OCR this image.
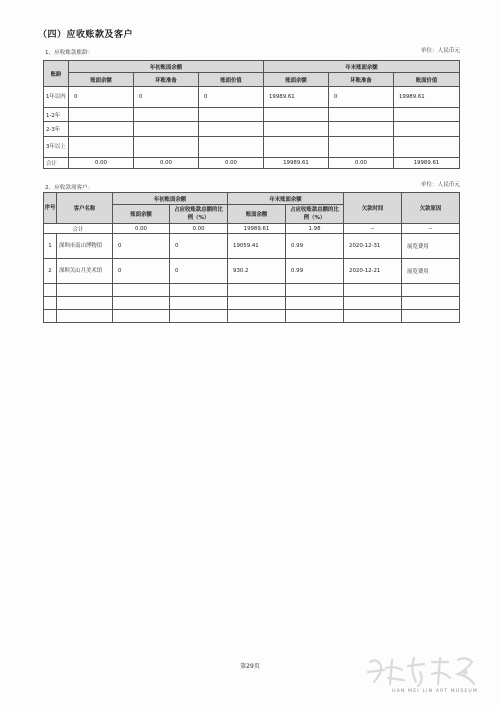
（四）应收账款及客户
1、应收账款账龄：	单位：人民币元
账龄	年初账面余额			年末账面余额		
	账面余额	坏账准备	账面价值	账面余额	坏账准备	账面价值
1年以内	0	0	0	19989.61	0	19989.61
1-2年						
2-3年						
3年以上						
合计	0.00	0.00	0.00	19989.61	0.00	19989.61
2、应收款项客户：	单位：人民币元
序号	客户名称	年初账面余额		年末账面余额		欠款时间	欠款原因
		账面余额	占应收账款总额的比例（%）	账面余额	占应收账款总额的比例（%）		
合计		0.00	0.00	19989.61	1.98	--	--
1	深圳市南山博物馆	0	0	19059.41	0.99	2020-12-31	展览费用
2	深圳关山月美术馆	0	0	930.2	0.99	2020-12-21	展览费用

第29页
HAN MEI LIN ART MUSEUM
